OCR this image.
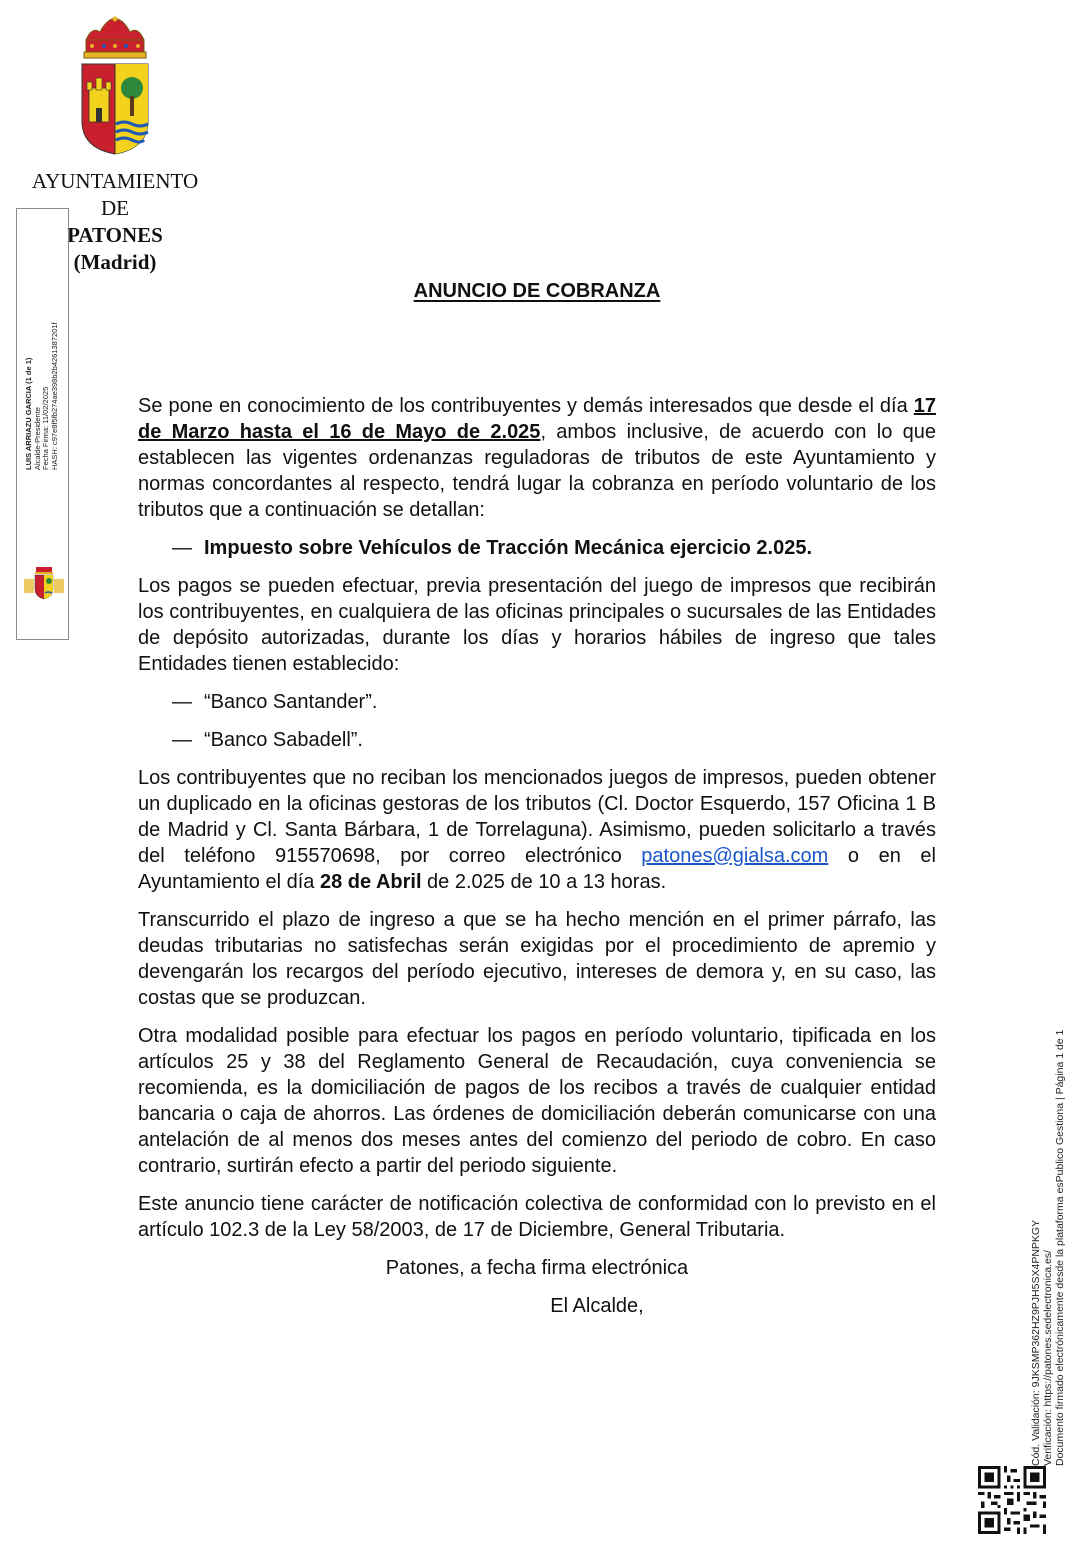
AYUNTAMIENTO
DE
PATONES
(Madrid)
LUIS ARRIAZU GARCIA (1 de 1) Alcalde-Presidente Fecha Firma: 11/02/2025 HASH: c97e8f5fb274ae398b2b4261387201f
ANUNCIO DE COBRANZA

Se pone en conocimiento de los contribuyentes y demás interesados que desde el día 17 de Marzo hasta el 16 de Mayo de 2.025, ambos inclusive, de acuerdo con lo que establecen las vigentes ordenanzas reguladoras de tributos de este Ayuntamiento y normas concordantes al respecto, tendrá lugar la cobranza en período voluntario de los tributos que a continuación se detallan:

— Impuesto sobre Vehículos de Tracción Mecánica ejercicio 2.025.

Los pagos se pueden efectuar, previa presentación del juego de impresos que recibirán los contribuyentes, en cualquiera de las oficinas principales o sucursales de las Entidades de depósito autorizadas, durante los días y horarios hábiles de ingreso que tales Entidades tienen establecido:

— “Banco Santander”.
— “Banco Sabadell”.

Los contribuyentes que no reciban los mencionados juegos de impresos, pueden obtener un duplicado en la oficinas gestoras de los tributos (Cl. Doctor Esquerdo, 157 Oficina 1 B de Madrid y Cl. Santa Bárbara, 1 de Torrelaguna). Asimismo, pueden solicitarlo a través del teléfono 915570698, por correo electrónico patones@gialsa.com o en el Ayuntamiento el día 28 de Abril de 2.025 de 10 a 13 horas.

Transcurrido el plazo de ingreso a que se ha hecho mención en el primer párrafo, las deudas tributarias no satisfechas serán exigidas por el procedimiento de apremio y devengarán los recargos del período ejecutivo, intereses de demora y, en su caso, las costas que se produzcan.

Otra modalidad posible para efectuar los pagos en período voluntario, tipificada en los artículos 25 y 38 del Reglamento General de Recaudación, cuya conveniencia se recomienda, es la domiciliación de pagos de los recibos a través de cualquier entidad bancaria o caja de ahorros. Las órdenes de domiciliación deberán comunicarse con una antelación de al menos dos meses antes del comienzo del periodo de cobro. En caso contrario, surtirán efecto a partir del periodo siguiente.

Este anuncio tiene carácter de notificación colectiva de conformidad con lo previsto en el artículo 102.3 de la Ley 58/2003, de 17 de Diciembre, General Tributaria.

Patones, a fecha firma electrónica
El Alcalde,	Cód. Validación: 9JKSMP362HZ9PJH5SX4PNPKGY Verificación: https://patones.sedelectronica.es/ Documento firmado electrónicamente desde la plataforma esPublico Gestiona | Página 1 de 1
